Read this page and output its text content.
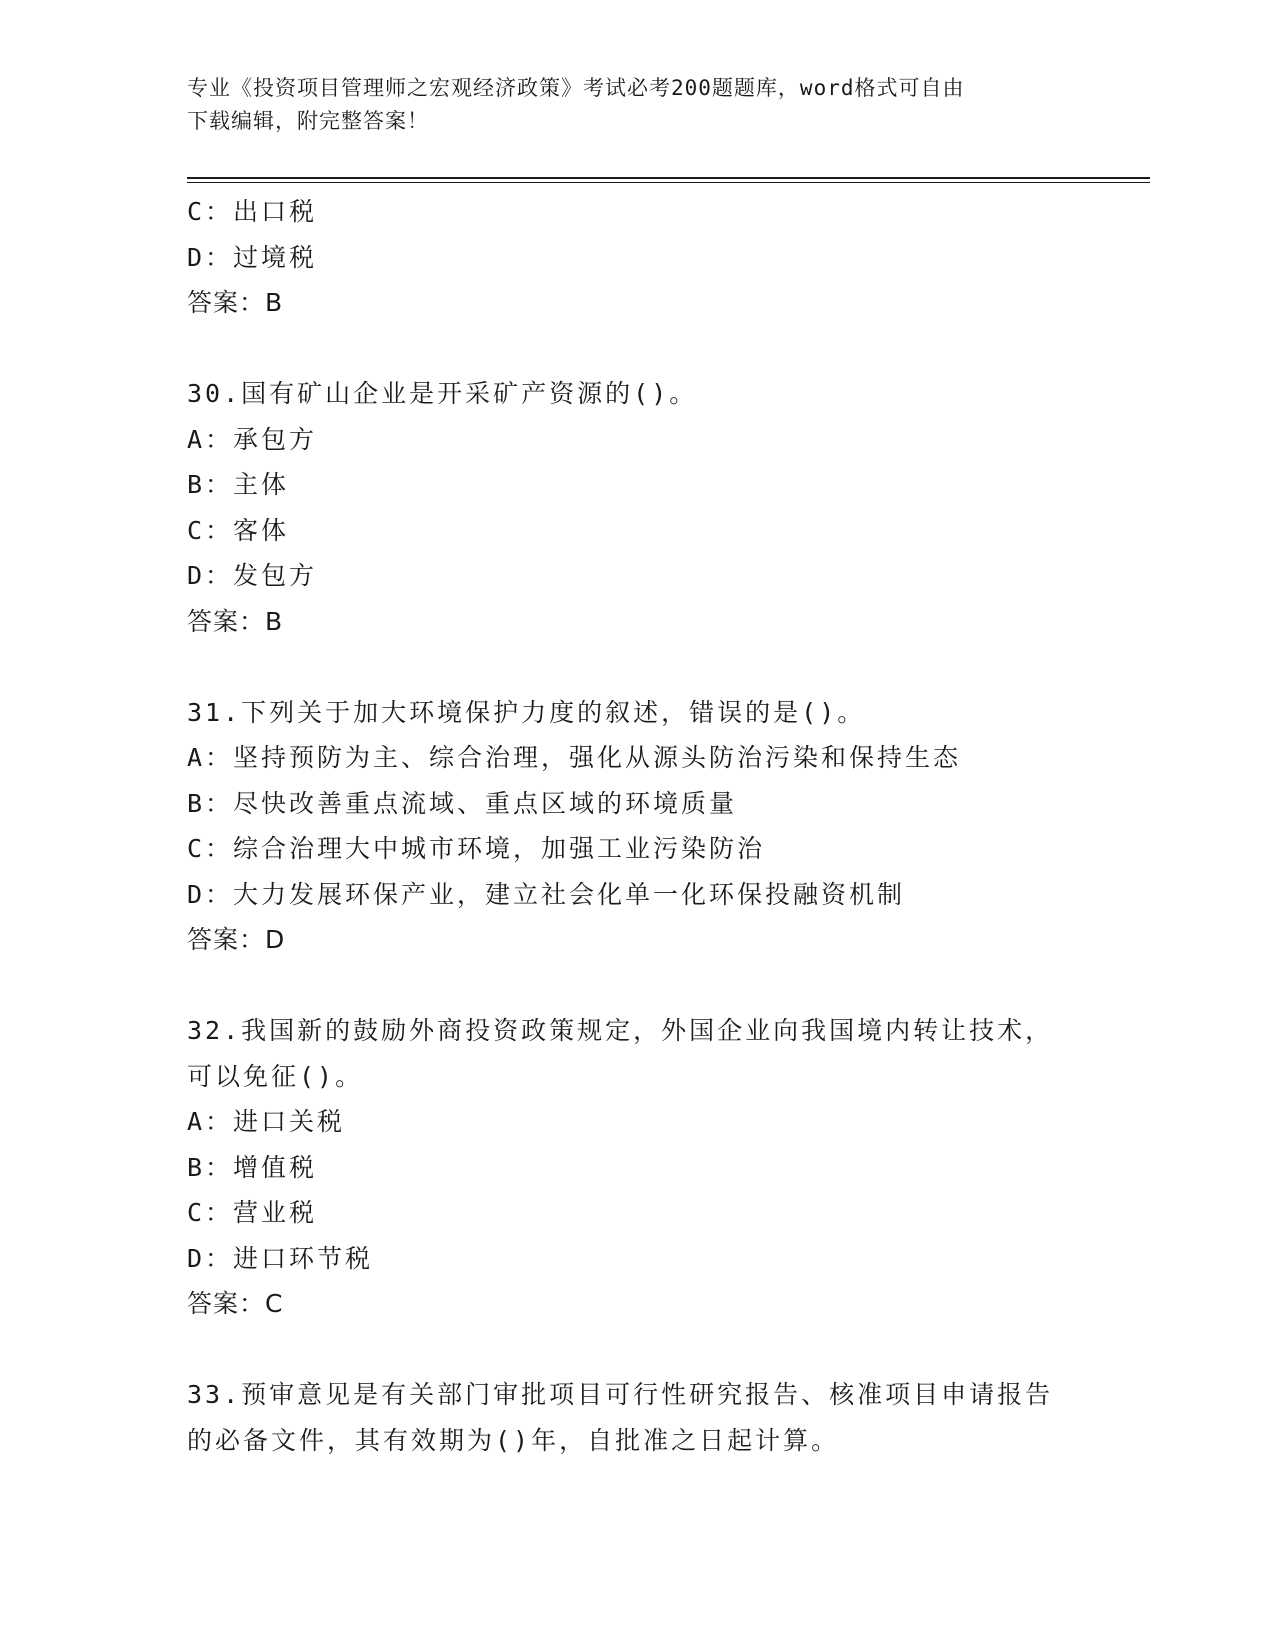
专业《投资项目管理师之宏观经济政策》考试必考200题题库，word格式可自由
下载编辑，附完整答案！
C：出口税
D：过境税
答案：B
30.国有矿山企业是开采矿产资源的()。
A：承包方
B：主体
C：客体
D：发包方
答案：B
31.下列关于加大环境保护力度的叙述，错误的是()。
A：坚持预防为主、综合治理，强化从源头防治污染和保持生态
B：尽快改善重点流域、重点区域的环境质量
C：综合治理大中城市环境，加强工业污染防治
D：大力发展环保产业，建立社会化单一化环保投融资机制
答案：D
32.我国新的鼓励外商投资政策规定，外国企业向我国境内转让技术，
可以免征()。
A：进口关税
B：增值税
C：营业税
D：进口环节税
答案：C
33.预审意见是有关部门审批项目可行性研究报告、核准项目申请报告
的必备文件，其有效期为()年，自批准之日起计算。
